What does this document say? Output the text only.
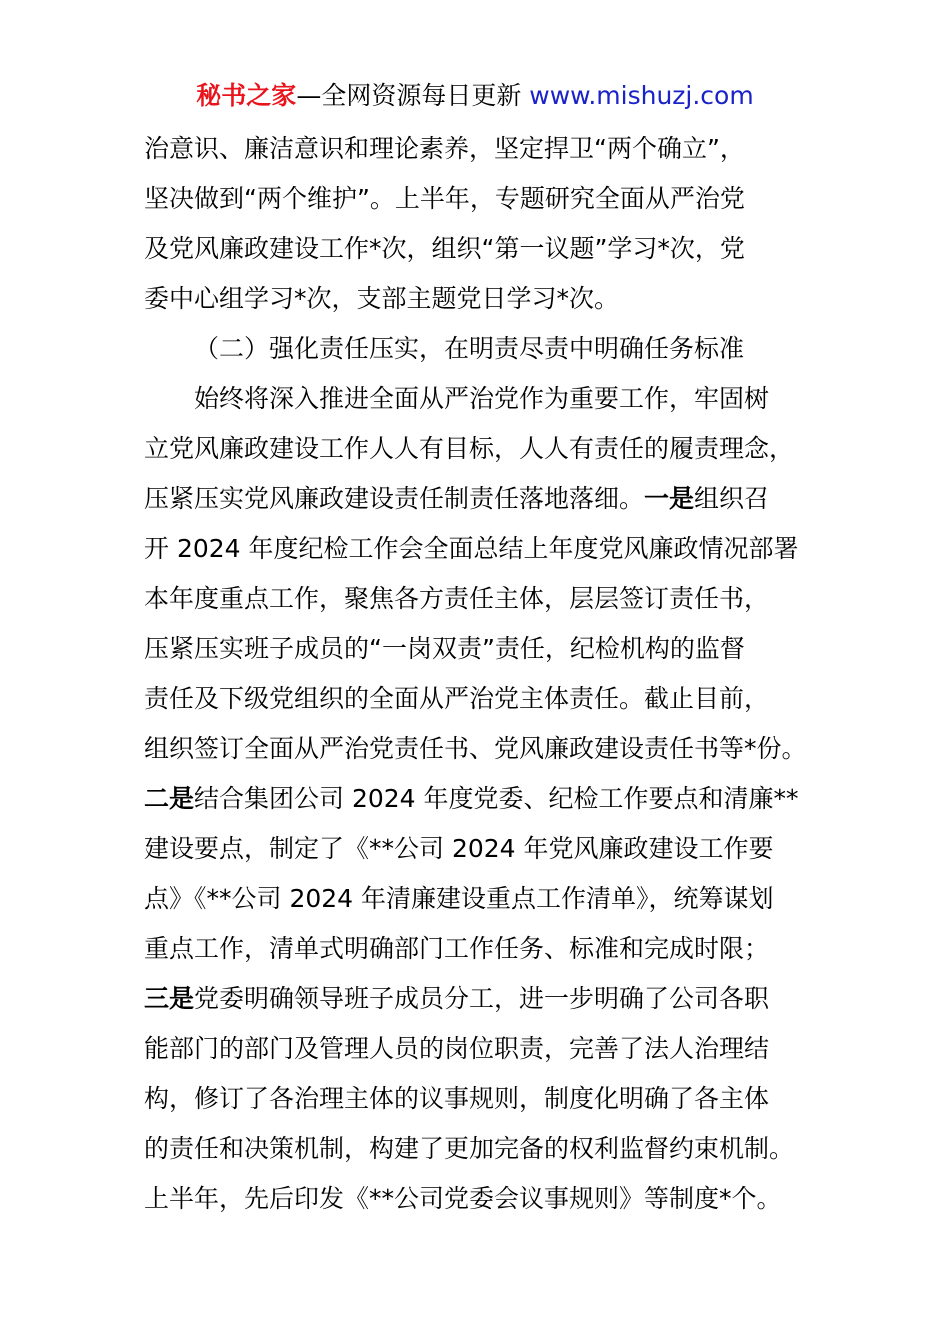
秘书之家—全网资源每日更新 www.mishuzj.com
治意识、廉洁意识和理论素养，坚定捍卫“两个确立”，
坚决做到“两个维护”。上半年，专题研究全面从严治党
及党风廉政建设工作*次，组织“第一议题”学习*次，党
委中心组学习*次，支部主题党日学习*次。
（二）强化责任压实，在明责尽责中明确任务标准
始终将深入推进全面从严治党作为重要工作，牢固树
立党风廉政建设工作人人有目标，人人有责任的履责理念，
压紧压实党风廉政建设责任制责任落地落细。一是组织召
开 2024 年度纪检工作会全面总结上年度党风廉政情况部署
本年度重点工作，聚焦各方责任主体，层层签订责任书，
压紧压实班子成员的“一岗双责”责任，纪检机构的监督
责任及下级党组织的全面从严治党主体责任。截止目前，
组织签订全面从严治党责任书、党风廉政建设责任书等*份。
二是结合集团公司 2024 年度党委、纪检工作要点和清廉**
建设要点，制定了《**公司 2024 年党风廉政建设工作要
点》《**公司 2024 年清廉建设重点工作清单》，统筹谋划
重点工作，清单式明确部门工作任务、标准和完成时限；
三是党委明确领导班子成员分工，进一步明确了公司各职
能部门的部门及管理人员的岗位职责，完善了法人治理结
构，修订了各治理主体的议事规则，制度化明确了各主体
的责任和决策机制，构建了更加完备的权利监督约束机制。
上半年，先后印发《**公司党委会议事规则》等制度*个。
